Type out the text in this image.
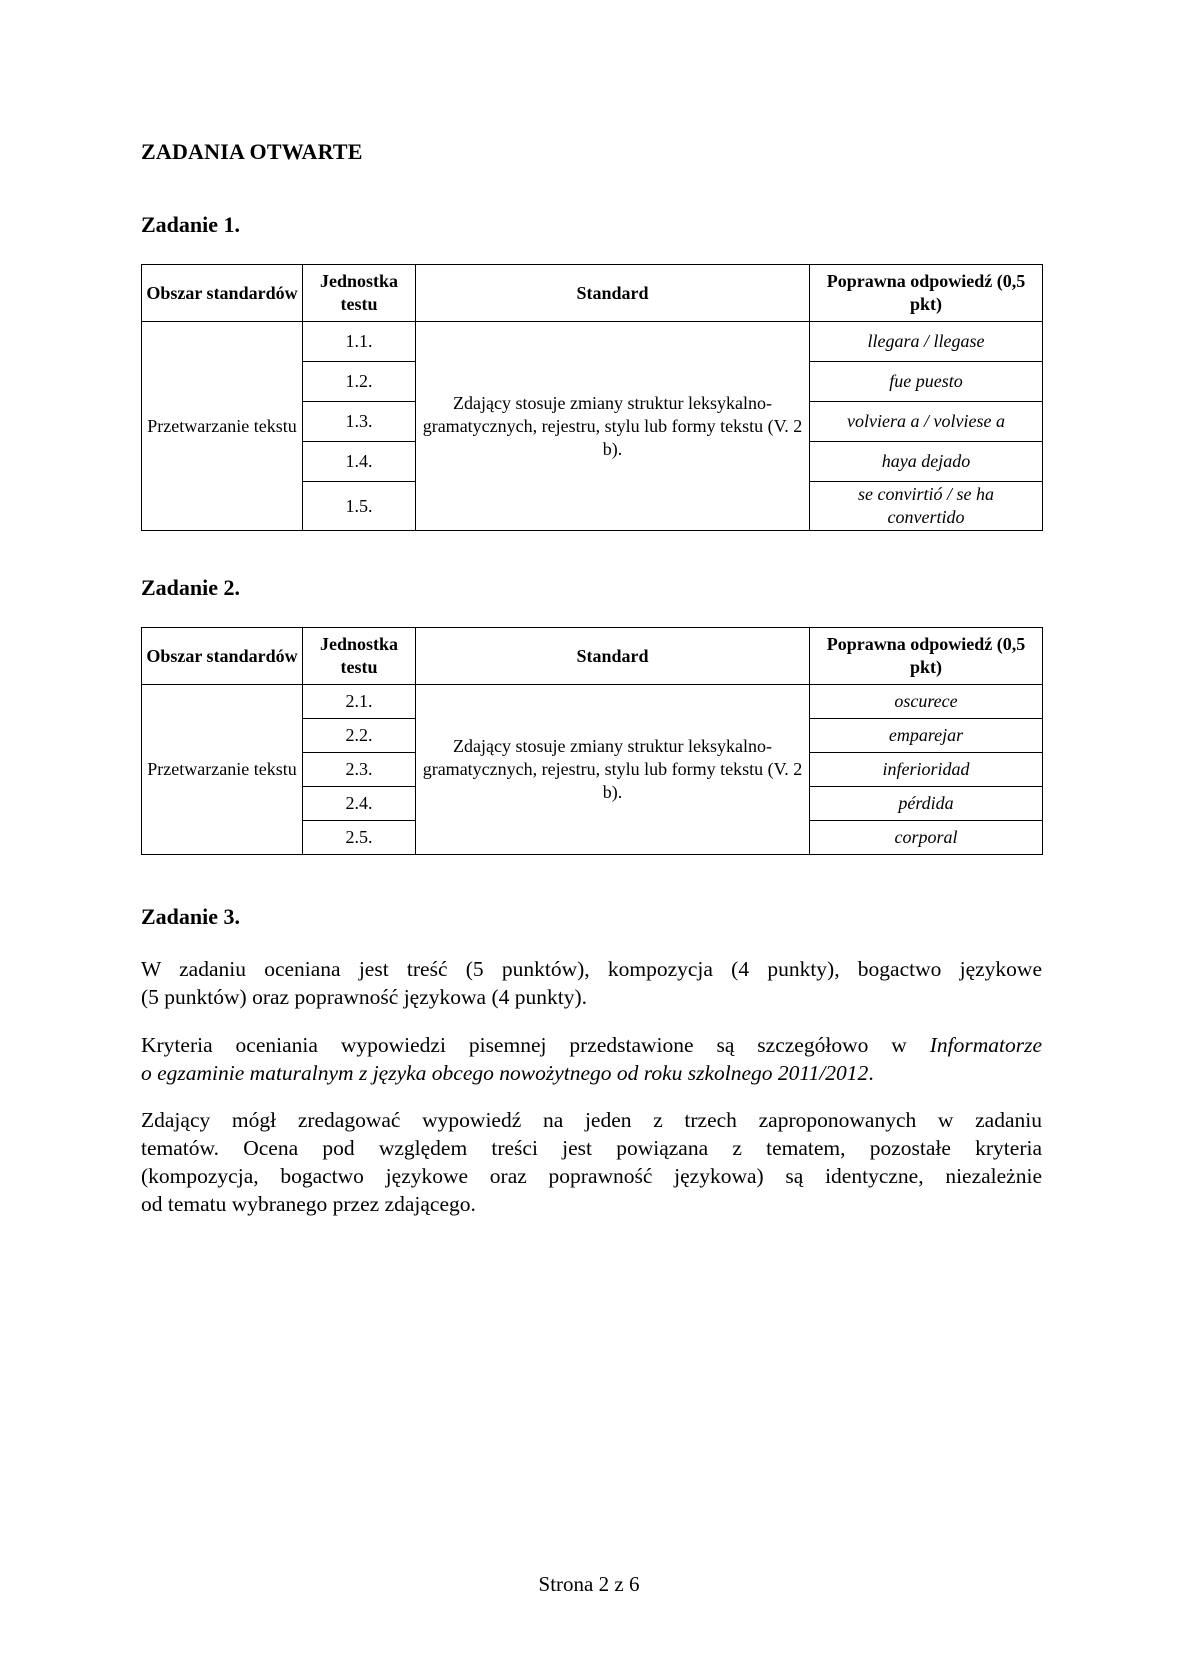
ZADANIA OTWARTE
Zadanie 1.
Obszar standardów	Jednostka testu	Standard	Poprawna odpowiedź (0,5 pkt)
Przetwarzanie tekstu	1.1.	Zdający stosuje zmiany struktur leksykalno-gramatycznych, rejestru, stylu lub formy tekstu (V. 2 b).	llegara / llegase
	1.2.		fue puesto
	1.3.		volviera a / volviese a
	1.4.		haya dejado
	1.5.		se convirtió / se ha convertido
Zadanie 2.
Obszar standardów	Jednostka testu	Standard	Poprawna odpowiedź (0,5 pkt)
Przetwarzanie tekstu	2.1.	Zdający stosuje zmiany struktur leksykalno-gramatycznych, rejestru, stylu lub formy tekstu (V. 2 b).	oscurece
	2.2.		emparejar
	2.3.		inferioridad
	2.4.		pérdida
	2.5.		corporal
Zadanie 3.
W zadaniu oceniana jest treść (5 punktów), kompozycja (4 punkty), bogactwo językowe
(5 punktów) oraz poprawność językowa (4 punkty).
Kryteria oceniania wypowiedzi pisemnej przedstawione są szczegółowo w Informatorze
o egzaminie maturalnym z języka obcego nowożytnego od roku szkolnego 2011/2012.
Zdający mógł zredagować wypowiedź na jeden z trzech zaproponowanych w zadaniu
tematów. Ocena pod względem treści jest powiązana z tematem, pozostałe kryteria
(kompozycja, bogactwo językowe oraz poprawność językowa) są identyczne, niezależnie
od tematu wybranego przez zdającego.
Strona 2 z 6
